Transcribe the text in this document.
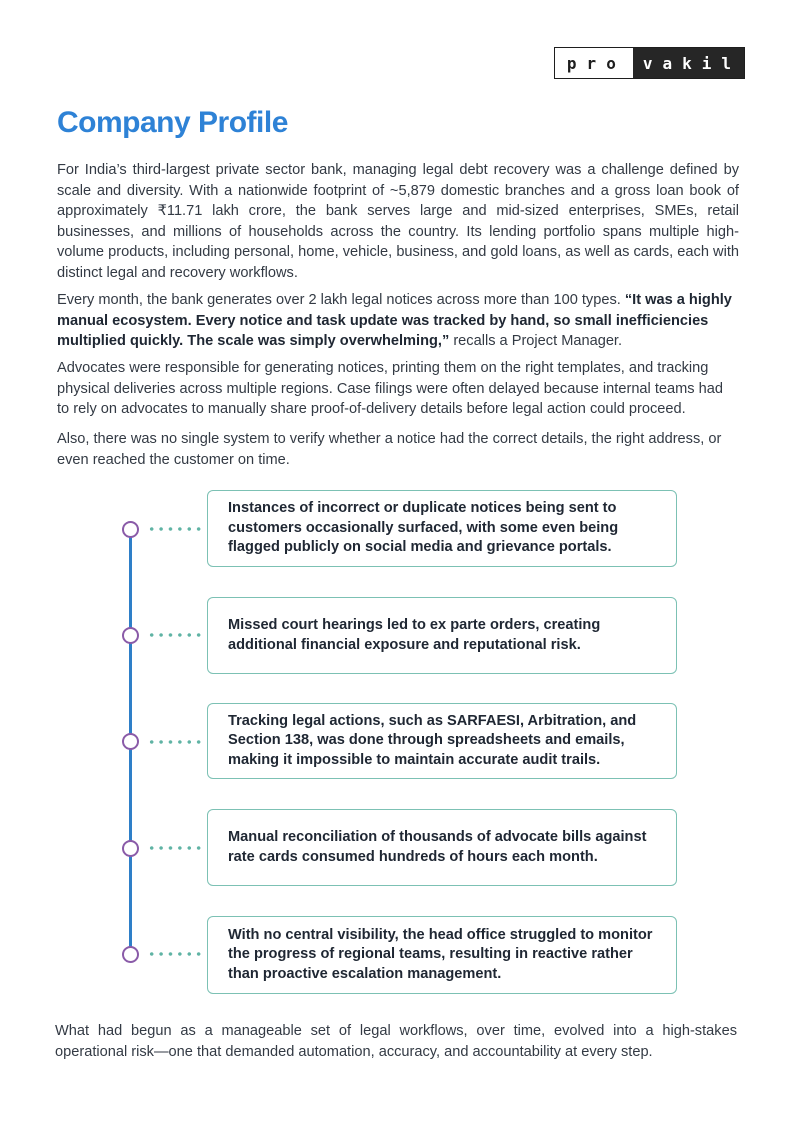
pro	vakil
Company Profile

For India’s third-largest private sector bank, managing legal debt recovery was a challenge defined by scale and diversity. With a nationwide footprint of ~5,879 domestic branches and a gross loan book of approximately ₹11.71 lakh crore, the bank serves large and mid-sized enterprises, SMEs, retail businesses, and millions of households across the country. Its lending portfolio spans multiple high-volume products, including personal, home, vehicle, business, and gold loans, as well as cards, each with distinct legal and recovery workflows.

Every month, the bank generates over 2 lakh legal notices across more than 100 types. “It was a highly manual ecosystem. Every notice and task update was tracked by hand, so small inefficiencies multiplied quickly. The scale was simply overwhelming,” recalls a Project Manager.

Advocates were responsible for generating notices, printing them on the right templates, and tracking physical deliveries across multiple regions. Case filings were often delayed because internal teams had to rely on advocates to manually share proof-of-delivery details before legal action could proceed.

Also, there was no single system to verify whether a notice had the correct details, the right address, or even reached the customer on time.

Instances of incorrect or duplicate notices being sent to customers occasionally surfaced, with some even being flagged publicly on social media and grievance portals.
Missed court hearings led to ex parte orders, creating additional financial exposure and reputational risk.
Tracking legal actions, such as SARFAESI, Arbitration, and Section 138, was done through spreadsheets and emails, making it impossible to maintain accurate audit trails.
Manual reconciliation of thousands of advocate bills against rate cards consumed hundreds of hours each month.
With no central visibility, the head office struggled to monitor the progress of regional teams, resulting in reactive rather than proactive escalation management.

What had begun as a manageable set of legal workflows, over time, evolved into a high-stakes operational risk—one that demanded automation, accuracy, and accountability at every step.
